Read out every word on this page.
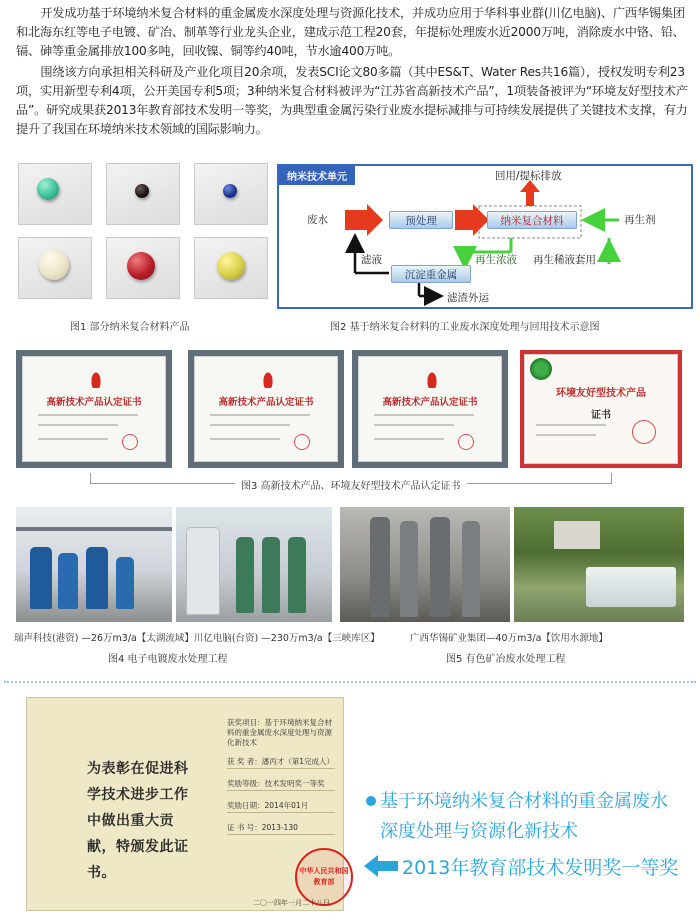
开发成功基于环境纳米复合材料的重金属废水深度处理与资源化技术，并成功应用于华科事业群(川亿电脑)、广西华锡集团和北海东红等电子电镀、矿冶、制革等行业龙头企业，建成示范工程20套，年提标处理废水近2000万吨，消除废水中铬、铅、镉、砷等重金属排放100多吨，回收镍、铜等约40吨，节水逾400万吨。

围绕该方向承担相关科研及产业化项目20余项，发表SCI论文80多篇（其中ES&T、Water Res共16篇），授权发明专利23项，实用新型专利4项，公开美国专利5项；3种纳米复合材料被评为“江苏省高新技术产品”，1项装备被评为“环境友好型技术产品”。研究成果获2013年教育部技术发明一等奖，为典型重金属污染行业废水提标减排与可持续发展提供了关键技术支撑，有力提升了我国在环境纳米技术领域的国际影响力。

图1 部分纳米复合材料产品
纳米技术单元	回用/提标排放
废水	预处理	纳米复合材料	再生剂
滤液	再生浓液 再生稀液套用
沉淀重金属
滤渣外运
图2 基于纳米复合材料的工业废水深度处理与回用技术示意图
高新技术产品认定证书	高新技术产品认定证书	高新技术产品认定证书
环境友好型技术产品
证书
图3 高新技术产品、环境友好型技术产品认定证书
瑞声科技(港资) —26万m3/a【太湖流域】川亿电脑(台资) —230万m3/a【三峡库区】	广西华锡矿业集团—40万m3/a【饮用水源地】
图4 电子电镀废水处理工程	图5 有色矿冶废水处理工程
为表彰在促进科学技术进步工作中做出重大贡献，特颁发此证书。
获奖项目：基于环境纳米复合材料的重金属废水深度处理与资源化新技术
获 奖 者：潘丙才（第1完成人）
奖励等级：技术发明奖一等奖
奖励日期：2014年01月
证 书 号：2013-130
中华人民共和国教育部
二〇一四年一月二十八日
基于环境纳米复合材料的重金属废水
深度处理与资源化新技术
2013年教育部技术发明奖一等奖
